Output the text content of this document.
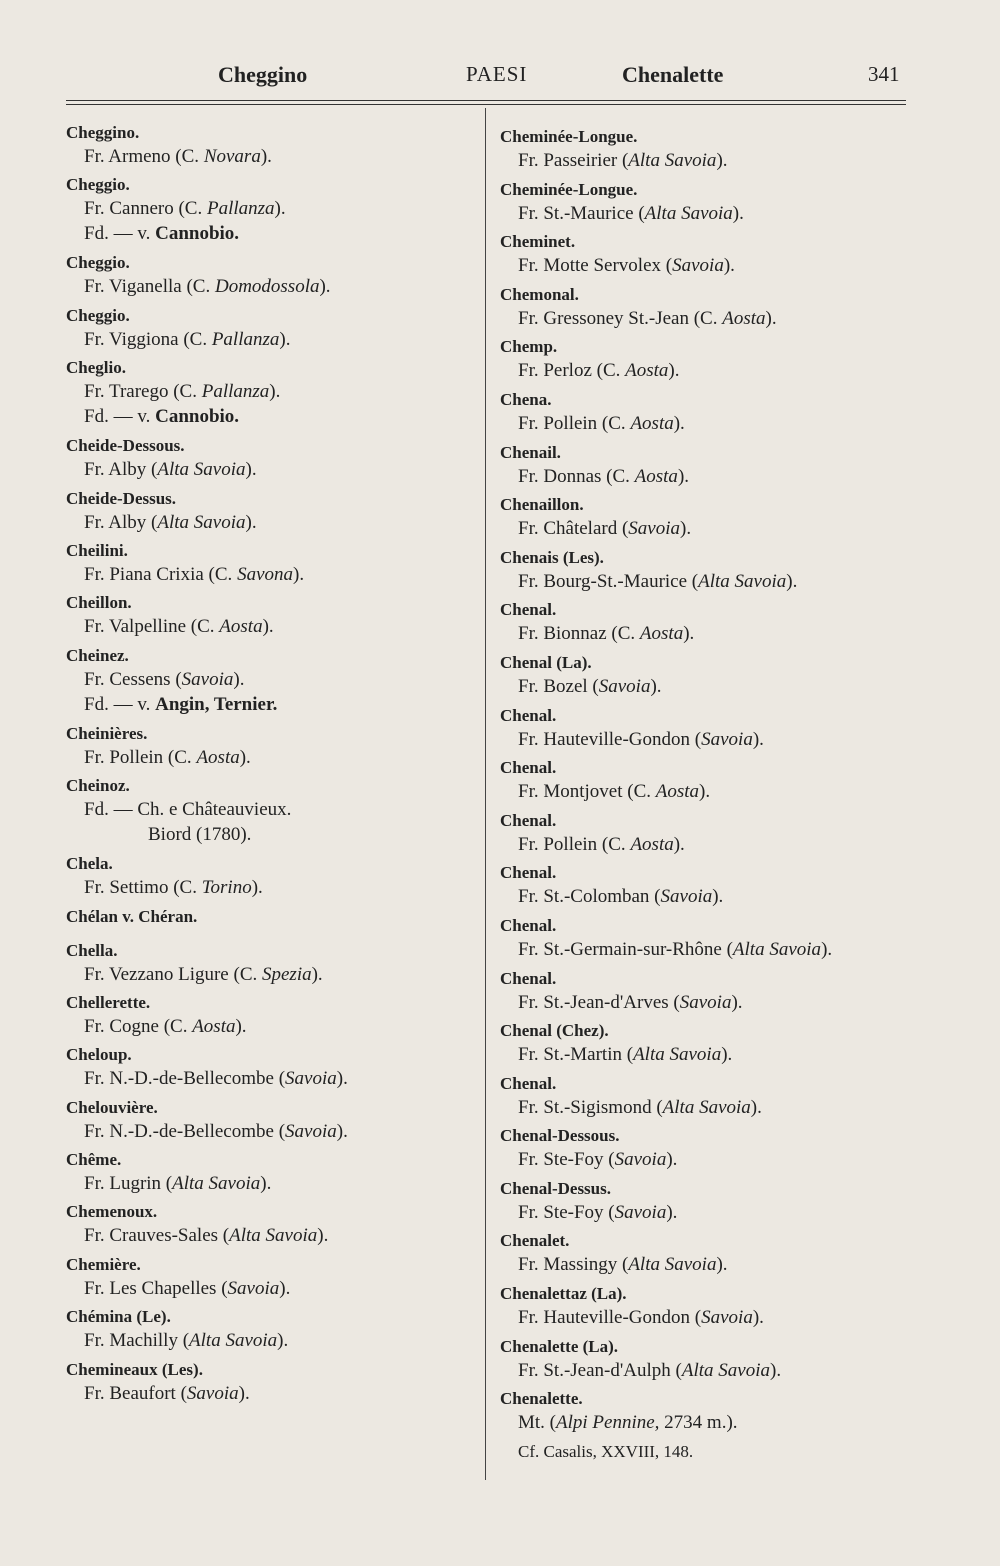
Cheggino	PAESI	Chenalette	341
Cheggino.
Fr. Armeno (C. Novara).
Cheggio.
Fr. Cannero (C. Pallanza).
Fd. — v. Cannobio.
Cheggio.
Fr. Viganella (C. Domodossola).
Cheggio.
Fr. Viggiona (C. Pallanza).
Cheglio.
Fr. Trarego (C. Pallanza).
Fd. — v. Cannobio.
Cheide-Dessous.
Fr. Alby (Alta Savoia).
Cheide-Dessus.
Fr. Alby (Alta Savoia).
Cheilini.
Fr. Piana Crixia (C. Savona).
Cheillon.
Fr. Valpelline (C. Aosta).
Cheinez.
Fr. Cessens (Savoia).
Fd. — v. Angin, Ternier.
Cheinières.
Fr. Pollein (C. Aosta).
Cheinoz.
Fd. — Ch. e Châteauvieux.
Biord (1780).
Chela.
Fr. Settimo (C. Torino).
Chélan v. Chéran.
Chella.
Fr. Vezzano Ligure (C. Spezia).
Chellerette.
Fr. Cogne (C. Aosta).
Cheloup.
Fr. N.-D.-de-Bellecombe (Savoia).
Chelouvière.
Fr. N.-D.-de-Bellecombe (Savoia).
Chême.
Fr. Lugrin (Alta Savoia).
Chemenoux.
Fr. Crauves-Sales (Alta Savoia).
Chemière.
Fr. Les Chapelles (Savoia).
Chémina (Le).
Fr. Machilly (Alta Savoia).
Chemineaux (Les).
Fr. Beaufort (Savoia).
Cheminée-Longue.
Fr. Passeirier (Alta Savoia).
Cheminée-Longue.
Fr. St.-Maurice (Alta Savoia).
Cheminet.
Fr. Motte Servolex (Savoia).
Chemonal.
Fr. Gressoney St.-Jean (C. Aosta).
Chemp.
Fr. Perloz (C. Aosta).
Chena.
Fr. Pollein (C. Aosta).
Chenail.
Fr. Donnas (C. Aosta).
Chenaillon.
Fr. Châtelard (Savoia).
Chenais (Les).
Fr. Bourg-St.-Maurice (Alta Savoia).
Chenal.
Fr. Bionnaz (C. Aosta).
Chenal (La).
Fr. Bozel (Savoia).
Chenal.
Fr. Hauteville-Gondon (Savoia).
Chenal.
Fr. Montjovet (C. Aosta).
Chenal.
Fr. Pollein (C. Aosta).
Chenal.
Fr. St.-Colomban (Savoia).
Chenal.
Fr. St.-Germain-sur-Rhône (Alta Savoia).
Chenal.
Fr. St.-Jean-d'Arves (Savoia).
Chenal (Chez).
Fr. St.-Martin (Alta Savoia).
Chenal.
Fr. St.-Sigismond (Alta Savoia).
Chenal-Dessous.
Fr. Ste-Foy (Savoia).
Chenal-Dessus.
Fr. Ste-Foy (Savoia).
Chenalet.
Fr. Massingy (Alta Savoia).
Chenalettaz (La).
Fr. Hauteville-Gondon (Savoia).
Chenalette (La).
Fr. St.-Jean-d'Aulph (Alta Savoia).
Chenalette.
Mt. (Alpi Pennine, 2734 m.).
Cf. Casalis, XXVIII, 148.
